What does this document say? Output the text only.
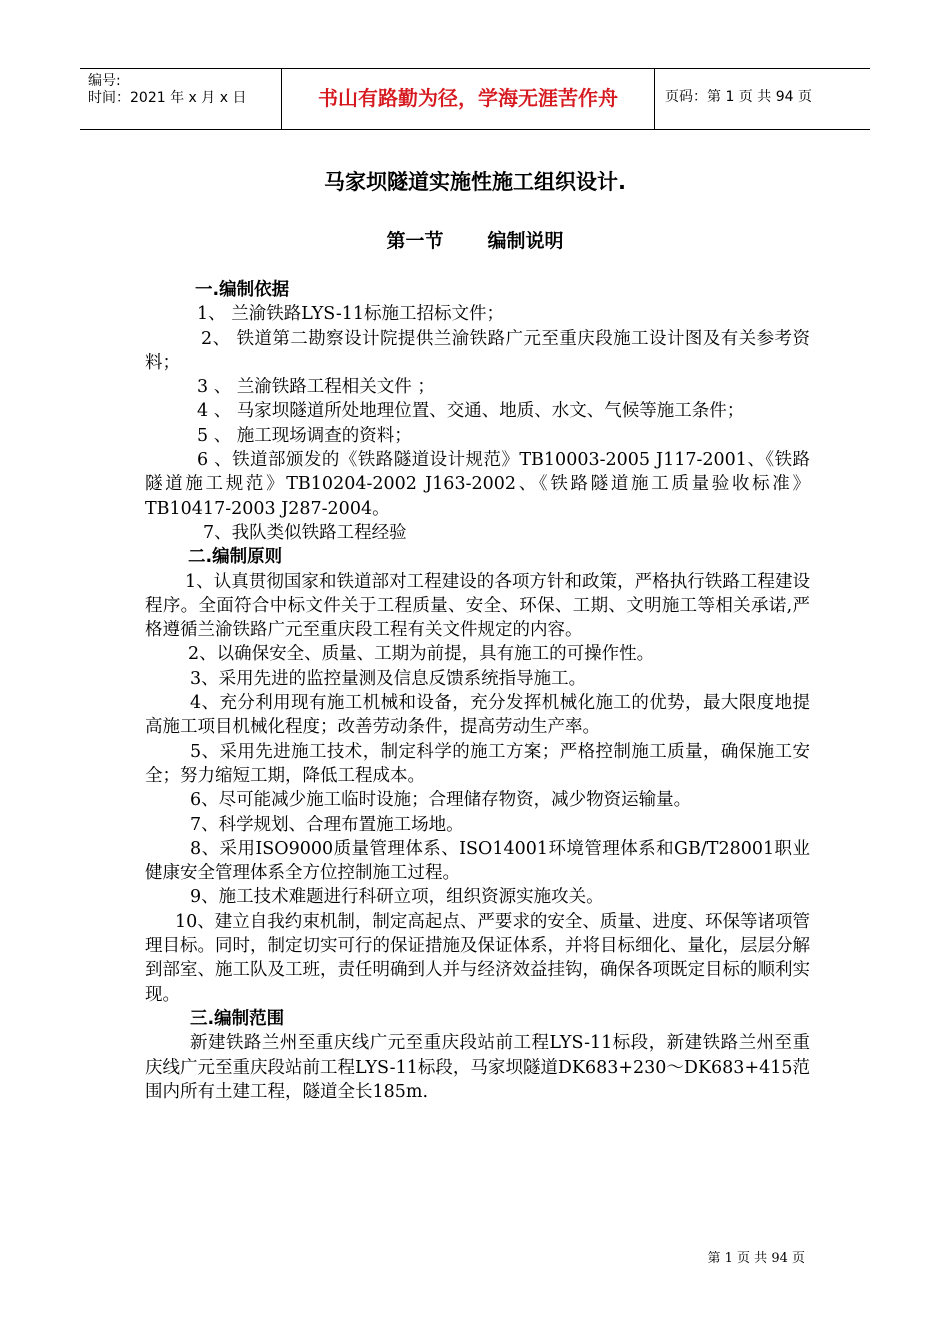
编号:
时间：2021 年 x 月 x 日	书山有路勤为径，学海无涯苦作舟	页码：第 1 页 共 94 页
马家坝隧道实施性施工组织设计.
第一节 编制说明

一.编制依据

1、 兰渝铁路LYS-11标施工招标文件；

2、 铁道第二勘察设计院提供兰渝铁路广元至重庆段施工设计图及有关参考资料；

3 、 兰渝铁路工程相关文件 ；

4 、 马家坝隧道所处地理位置、交通、地质、水文、气候等施工条件；

5 、 施工现场调查的资料；

6 、铁道部颁发的《铁路隧道设计规范》TB10003-2005 J117-2001、《铁路隧道施工规范》TB10204-2002 J163-2002、《铁路隧道施工质量验收标准》TB10417-2003 J287-2004。

7、我队类似铁路工程经验

二.编制原则

1、认真贯彻国家和铁道部对工程建设的各项方针和政策，严格执行铁路工程建设程序。全面符合中标文件关于工程质量、安全、环保、工期、文明施工等相关承诺,严格遵循兰渝铁路广元至重庆段工程有关文件规定的内容。

2、以确保安全、质量、工期为前提，具有施工的可操作性。

3、采用先进的监控量测及信息反馈系统指导施工。

4、充分利用现有施工机械和设备，充分发挥机械化施工的优势，最大限度地提高施工项目机械化程度；改善劳动条件，提高劳动生产率。

5、采用先进施工技术，制定科学的施工方案；严格控制施工质量，确保施工安全；努力缩短工期，降低工程成本。

6、尽可能减少施工临时设施；合理储存物资，减少物资运输量。

7、科学规划、合理布置施工场地。

8、采用ISO9000质量管理体系、ISO14001环境管理体系和GB/T28001职业健康安全管理体系全方位控制施工过程。

9、施工技术难题进行科研立项，组织资源实施攻关。

10、建立自我约束机制，制定高起点、严要求的安全、质量、进度、环保等诸项管理目标。同时，制定切实可行的保证措施及保证体系，并将目标细化、量化，层层分解到部室、施工队及工班，责任明确到人并与经济效益挂钩，确保各项既定目标的顺利实现。

三.编制范围

新建铁路兰州至重庆线广元至重庆段站前工程LYS-11标段，新建铁路兰州至重庆线广元至重庆段站前工程LYS-11标段，马家坝隧道DK683+230～DK683+415范围内所有土建工程，隧道全长185m.

第 1 页 共 94 页
